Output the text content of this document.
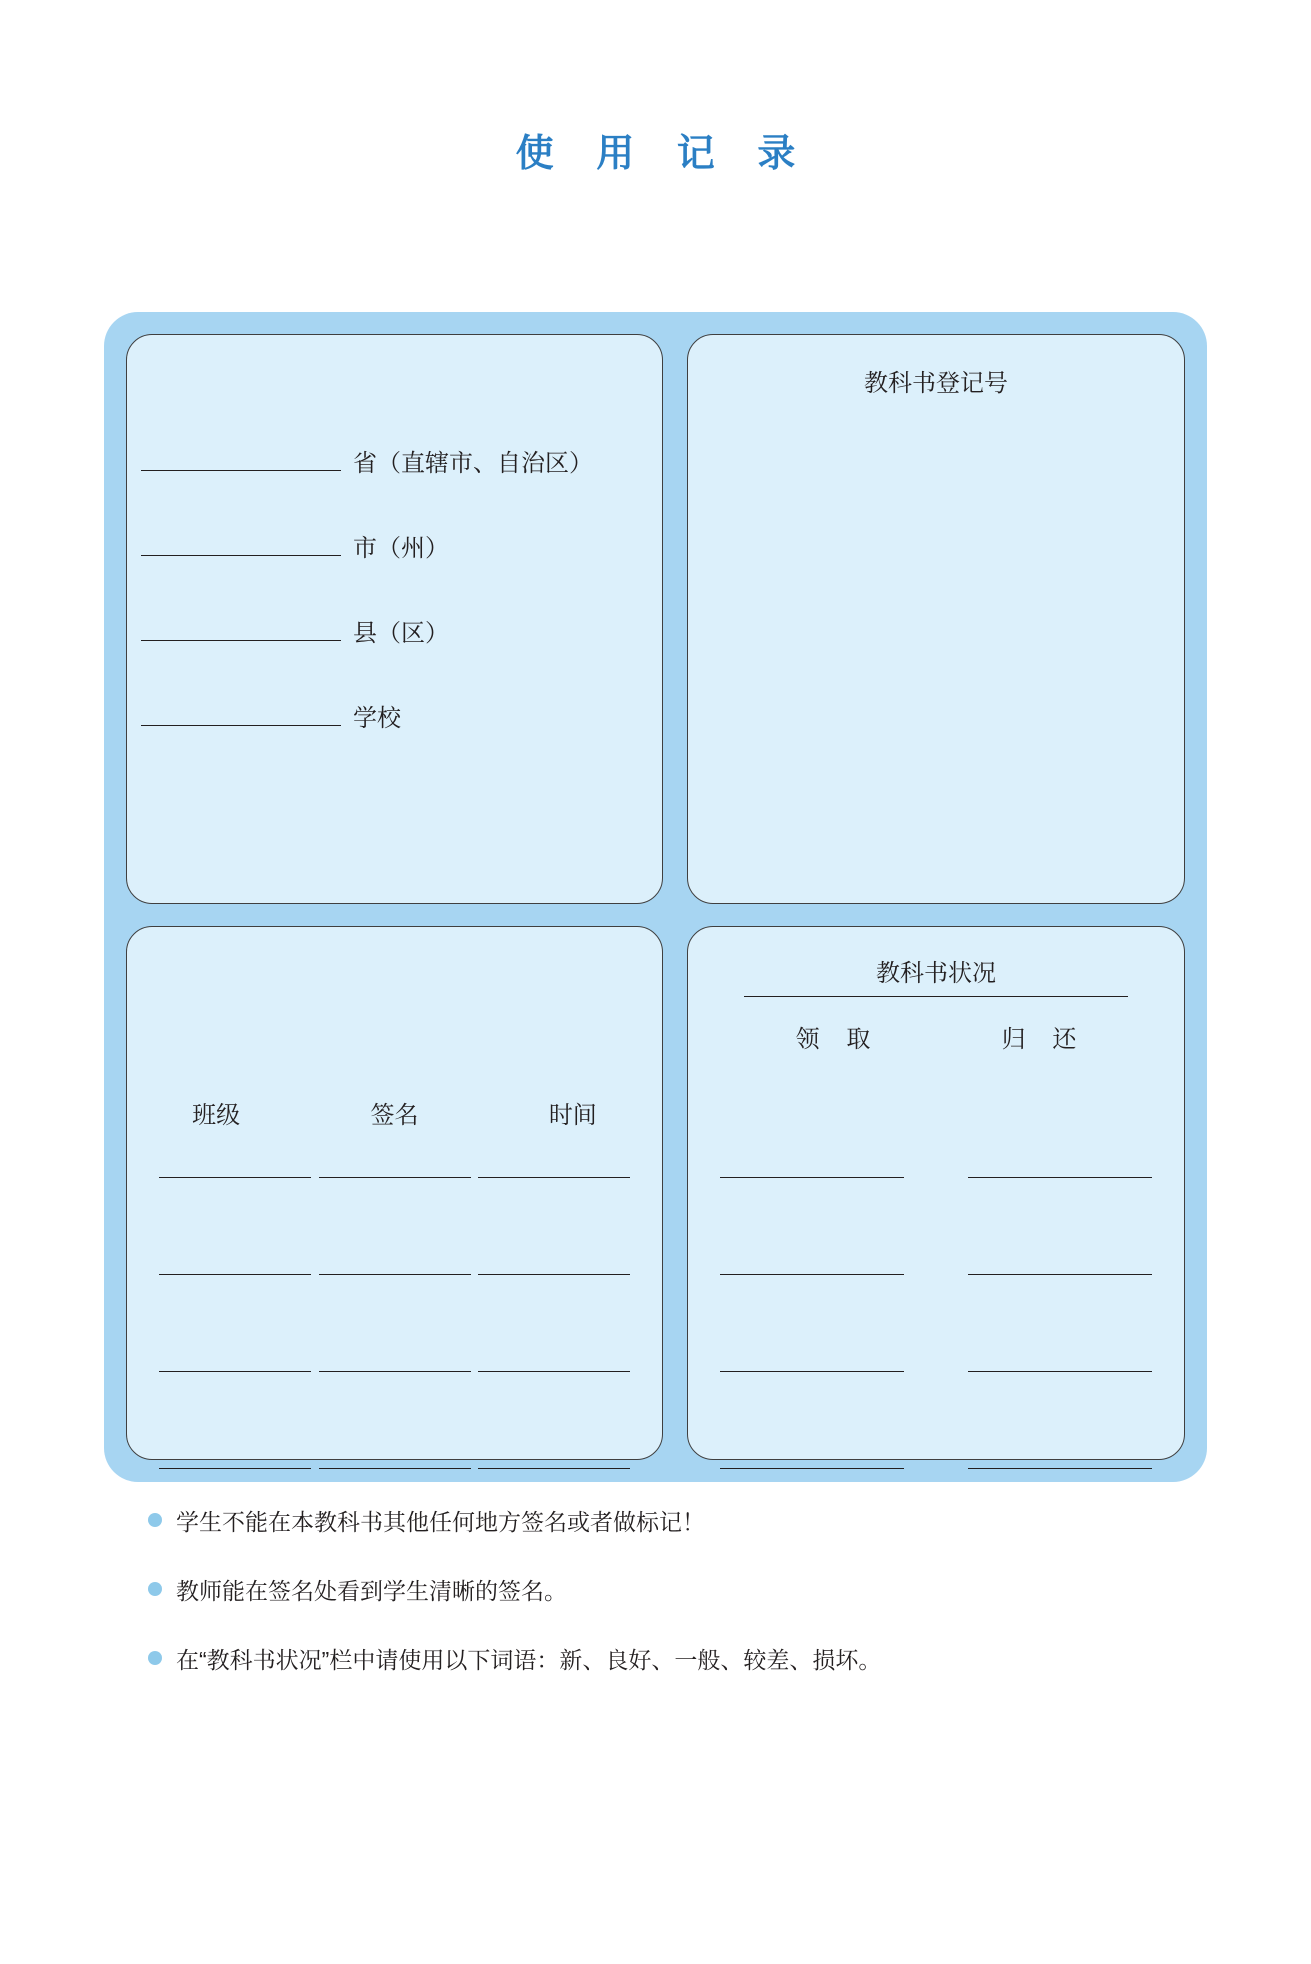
使 用 记 录
省（直辖市、自治区）
市（州）
县（区）
学校
教科书登记号
班级	签名	时间
教科书状况
领 取	归 还
学生不能在本教科书其他任何地方签名或者做标记！
教师能在签名处看到学生清晰的签名。
在“教科书状况”栏中请使用以下词语：新、良好、一般、较差、损坏。
